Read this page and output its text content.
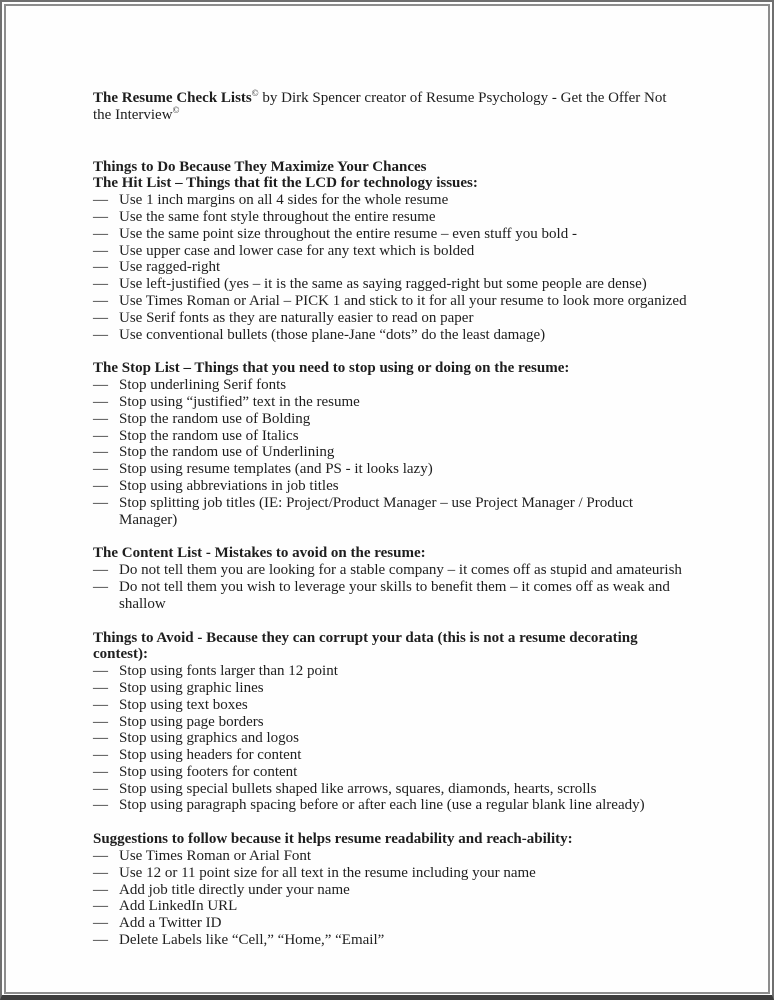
The Resume Check Lists© by Dirk Spencer creator of Resume Psychology - Get the Offer Not the Interview©

Things to Do Because They Maximize Your Chances
The Hit List – Things that fit the LCD for technology issues:
— Use 1 inch margins on all 4 sides for the whole resume
— Use the same font style throughout the entire resume
— Use the same point size throughout the entire resume – even stuff you bold -
— Use upper case and lower case for any text which is bolded
— Use ragged-right
— Use left-justified (yes – it is the same as saying ragged-right but some people are dense)
— Use Times Roman or Arial – PICK 1 and stick to it for all your resume to look more organized
— Use Serif fonts as they are naturally easier to read on paper
— Use conventional bullets (those plane-Jane “dots” do the least damage)
The Stop List – Things that you need to stop using or doing on the resume:
— Stop underlining Serif fonts
— Stop using “justified” text in the resume
— Stop the random use of Bolding
— Stop the random use of Italics
— Stop the random use of Underlining
— Stop using resume templates (and PS - it looks lazy)
— Stop using abbreviations in job titles
— Stop splitting job titles (IE: Project/Product Manager – use Project Manager / Product Manager)
The Content List - Mistakes to avoid on the resume:
— Do not tell them you are looking for a stable company – it comes off as stupid and amateurish
— Do not tell them you wish to leverage your skills to benefit them – it comes off as weak and shallow
Things to Avoid - Because they can corrupt your data (this is not a resume decorating contest):
— Stop using fonts larger than 12 point
— Stop using graphic lines
— Stop using text boxes
— Stop using page borders
— Stop using graphics and logos
— Stop using headers for content
— Stop using footers for content
— Stop using special bullets shaped like arrows, squares, diamonds, hearts, scrolls
— Stop using paragraph spacing before or after each line (use a regular blank line already)
Suggestions to follow because it helps resume readability and reach-ability:
— Use Times Roman or Arial Font
— Use 12 or 11 point size for all text in the resume including your name
— Add job title directly under your name
— Add LinkedIn URL
— Add a Twitter ID
— Delete Labels like “Cell,” “Home,” “Email”
